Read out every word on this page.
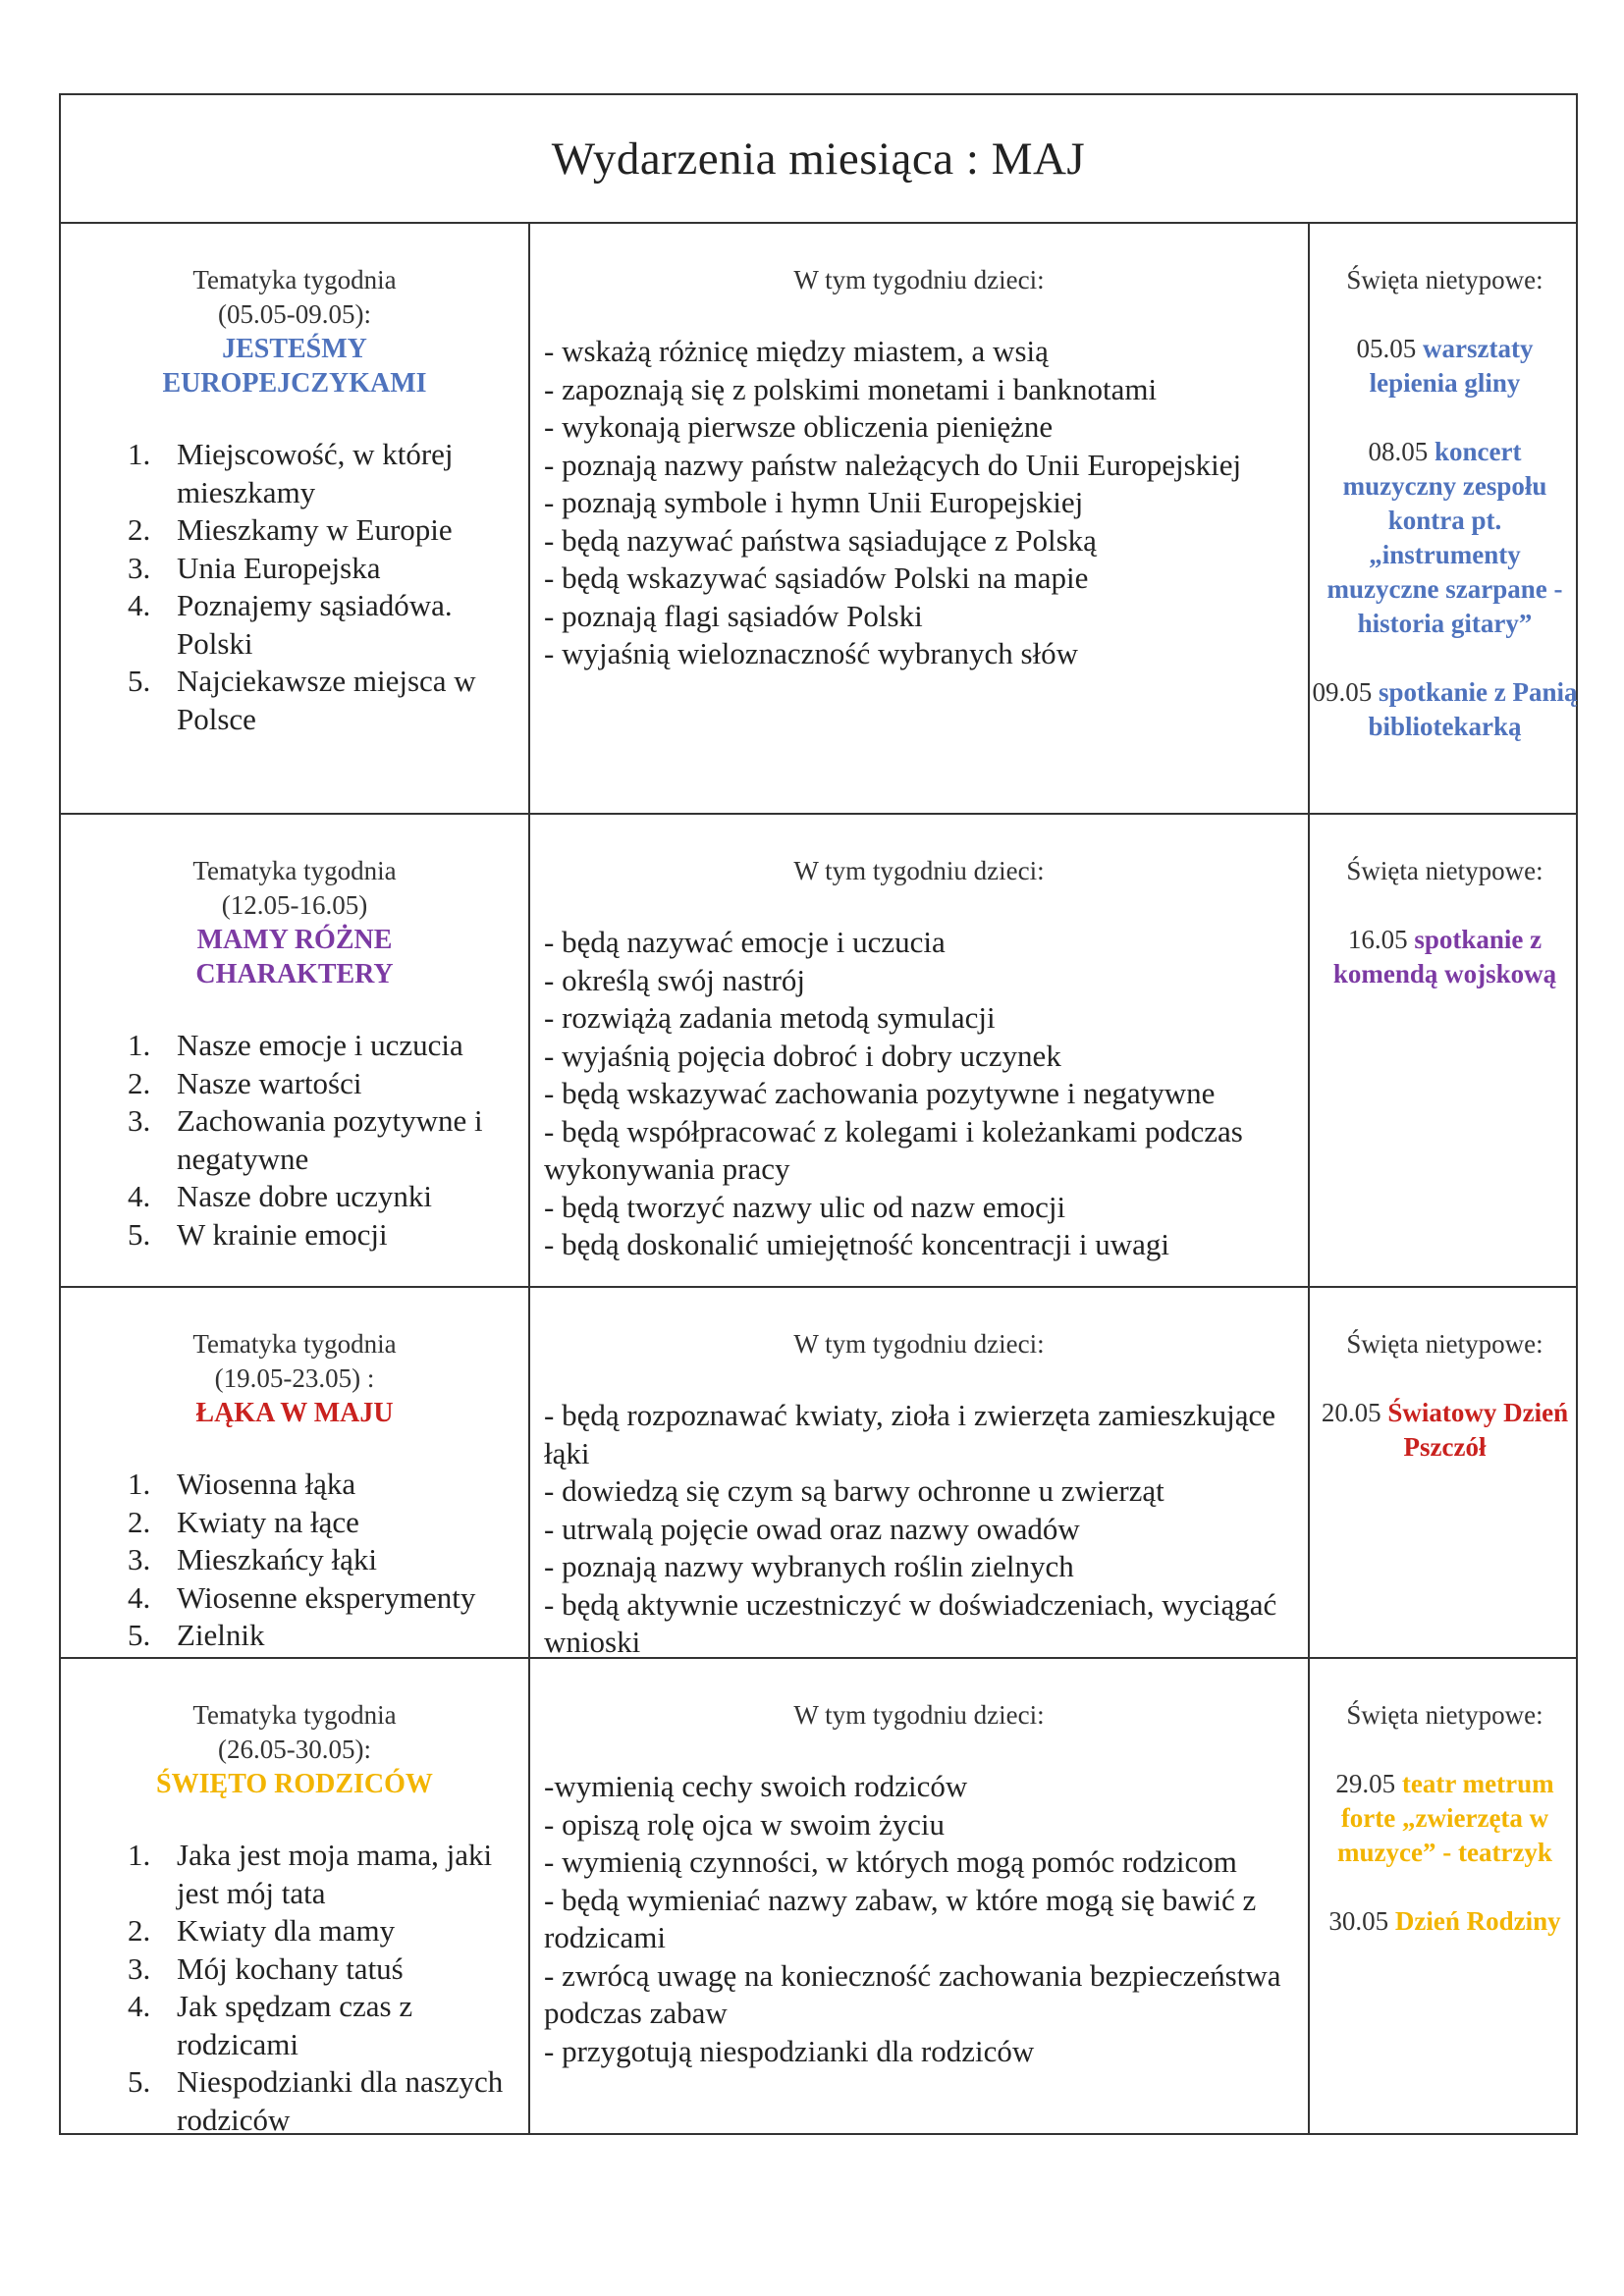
Wydarzenia miesiąca : MAJ
Tematyka tygodnia
(05.05-09.05):
JESTEŚMY
EUROPEJCZYKAMI
1. Miejscowość, w której mieszkamy
2. Mieszkamy w Europie
3. Unia Europejska
4. Poznajemy sąsiadówa. Polski
5. Najciekawsze miejsca w Polsce
W tym tygodniu dzieci:
- wskażą różnicę między miastem, a wsią
- zapoznają się z polskimi monetami i banknotami
- wykonają pierwsze obliczenia pieniężne
- poznają nazwy państw należących do Unii Europejskiej
- poznają symbole i hymn Unii Europejskiej
- będą nazywać państwa sąsiadujące z Polską
- będą wskazywać sąsiadów Polski na mapie
- poznają flagi sąsiadów Polski
- wyjaśnią wieloznaczność wybranych słów
Święta nietypowe:
05.05 warsztaty lepienia gliny
08.05 koncert muzyczny zespołu kontra pt. „instrumenty muzyczne szarpane - historia gitary”
09.05 spotkanie z Panią bibliotekarką
Tematyka tygodnia
(12.05-16.05)
MAMY RÓŻNE
CHARAKTERY
1. Nasze emocje i uczucia
2. Nasze wartości
3. Zachowania pozytywne i negatywne
4. Nasze dobre uczynki
5. W krainie emocji
W tym tygodniu dzieci:
- będą nazywać emocje i uczucia
- określą swój nastrój
- rozwiążą zadania metodą symulacji
- wyjaśnią pojęcia dobroć i dobry uczynek
- będą wskazywać zachowania pozytywne i negatywne
- będą współpracować z kolegami i koleżankami podczas wykonywania pracy
- będą tworzyć nazwy ulic od nazw emocji
- będą doskonalić umiejętność koncentracji i uwagi
Święta nietypowe:
16.05 spotkanie z komendą wojskową
Tematyka tygodnia
(19.05-23.05) :
ŁĄKA W MAJU
1. Wiosenna łąka
2. Kwiaty na łące
3. Mieszkańcy łąki
4. Wiosenne eksperymenty
5. Zielnik
W tym tygodniu dzieci:
- będą rozpoznawać kwiaty, zioła i zwierzęta zamieszkujące łąki
- dowiedzą się czym są barwy ochronne u zwierząt
- utrwalą pojęcie owad oraz nazwy owadów
- poznają nazwy wybranych roślin zielnych
- będą aktywnie uczestniczyć w doświadczeniach, wyciągać wnioski
Święta nietypowe:
20.05 Światowy Dzień Pszczół
Tematyka tygodnia
(26.05-30.05):
ŚWIĘTO RODZICÓW
1. Jaka jest moja mama, jaki jest mój tata
2. Kwiaty dla mamy
3. Mój kochany tatuś
4. Jak spędzam czas z rodzicami
5. Niespodzianki dla naszych rodziców
W tym tygodniu dzieci:
-wymienią cechy swoich rodziców
- opiszą rolę ojca w swoim życiu
- wymienią czynności, w których mogą pomóc rodzicom
- będą wymieniać nazwy zabaw, w które mogą się bawić z rodzicami
- zwrócą uwagę na konieczność zachowania bezpieczeństwa podczas zabaw
- przygotują niespodzianki dla rodziców
Święta nietypowe:
29.05 teatr metrum forte „zwierzęta w muzyce” - teatrzyk
30.05 Dzień Rodziny
